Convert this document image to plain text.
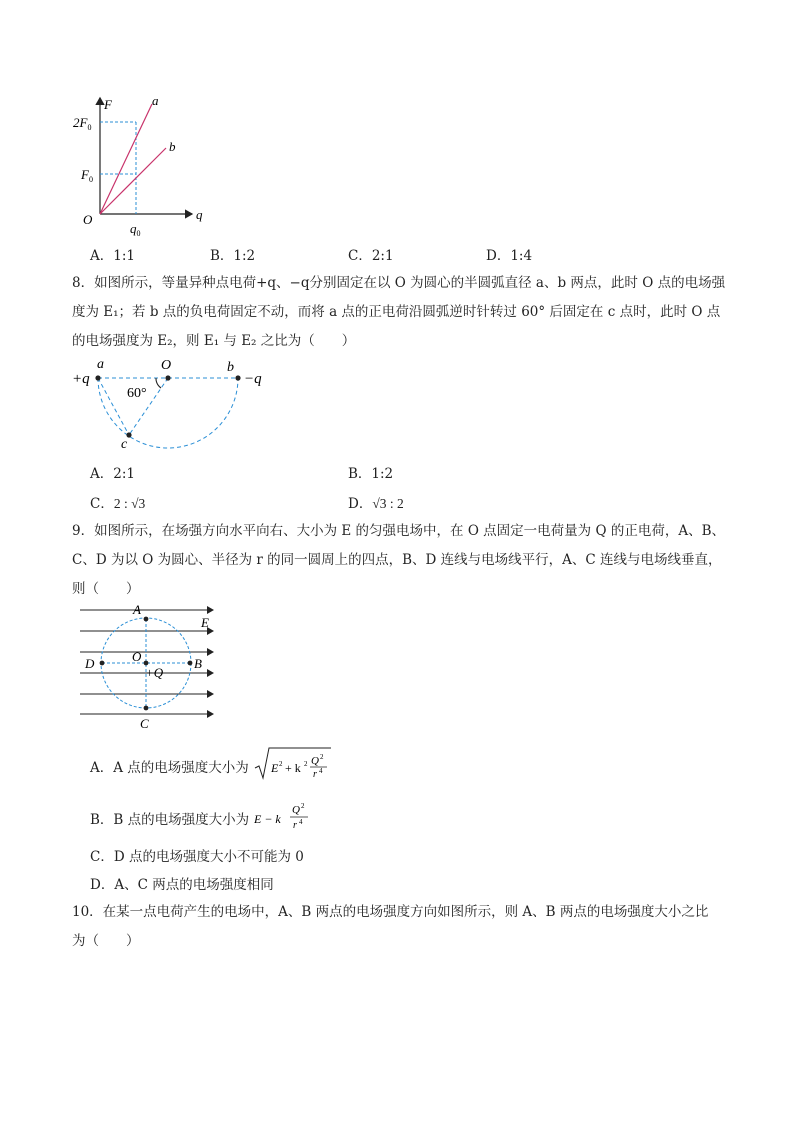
F
q
O
a
b
$2F_0$
$F_0$
$q_0$
A．1:1	B．1:2	C．2:1	D．1:4
8．如图所示，等量异种点电荷+q、−q分别固定在以 O 为圆心的半圆弧直径 a、b 两点，此时 O 点的电场强
度为 E₁；若 b 点的负电荷固定不动，而将 a 点的正电荷沿圆弧逆时针转过 60° 后固定在 c 点时，此时 O 点
的电场强度为 E₂，则 E₁ 与 E₂ 之比为（　　）
+q
a	O	b
−q
60°
c
A．2:1	B．1:2
C．2 : √3	D．√3 : 2
9．如图所示，在场强方向水平向右、大小为 E 的匀强电场中，在 O 点固定一电荷量为 Q 的正电荷，A、B、
C、D 为以 O 为圆心、半径为 r 的同一圆周上的四点，B、D 连线与电场线平行，A、C 连线与电场线垂直，
则（　　）
A
E
D	O	B
+Q
C
A．A 点的电场强度大小为 E 2 + k 2 Q 2
r 4
B．B 点的电场强度大小为 E − k
Q 2
r 4
C．D 点的电场强度大小不可能为 0
D．A、C 两点的电场强度相同
10．在某一点电荷产生的电场中，A、B 两点的电场强度方向如图所示，则 A、B 两点的电场强度大小之比
为（　　）
